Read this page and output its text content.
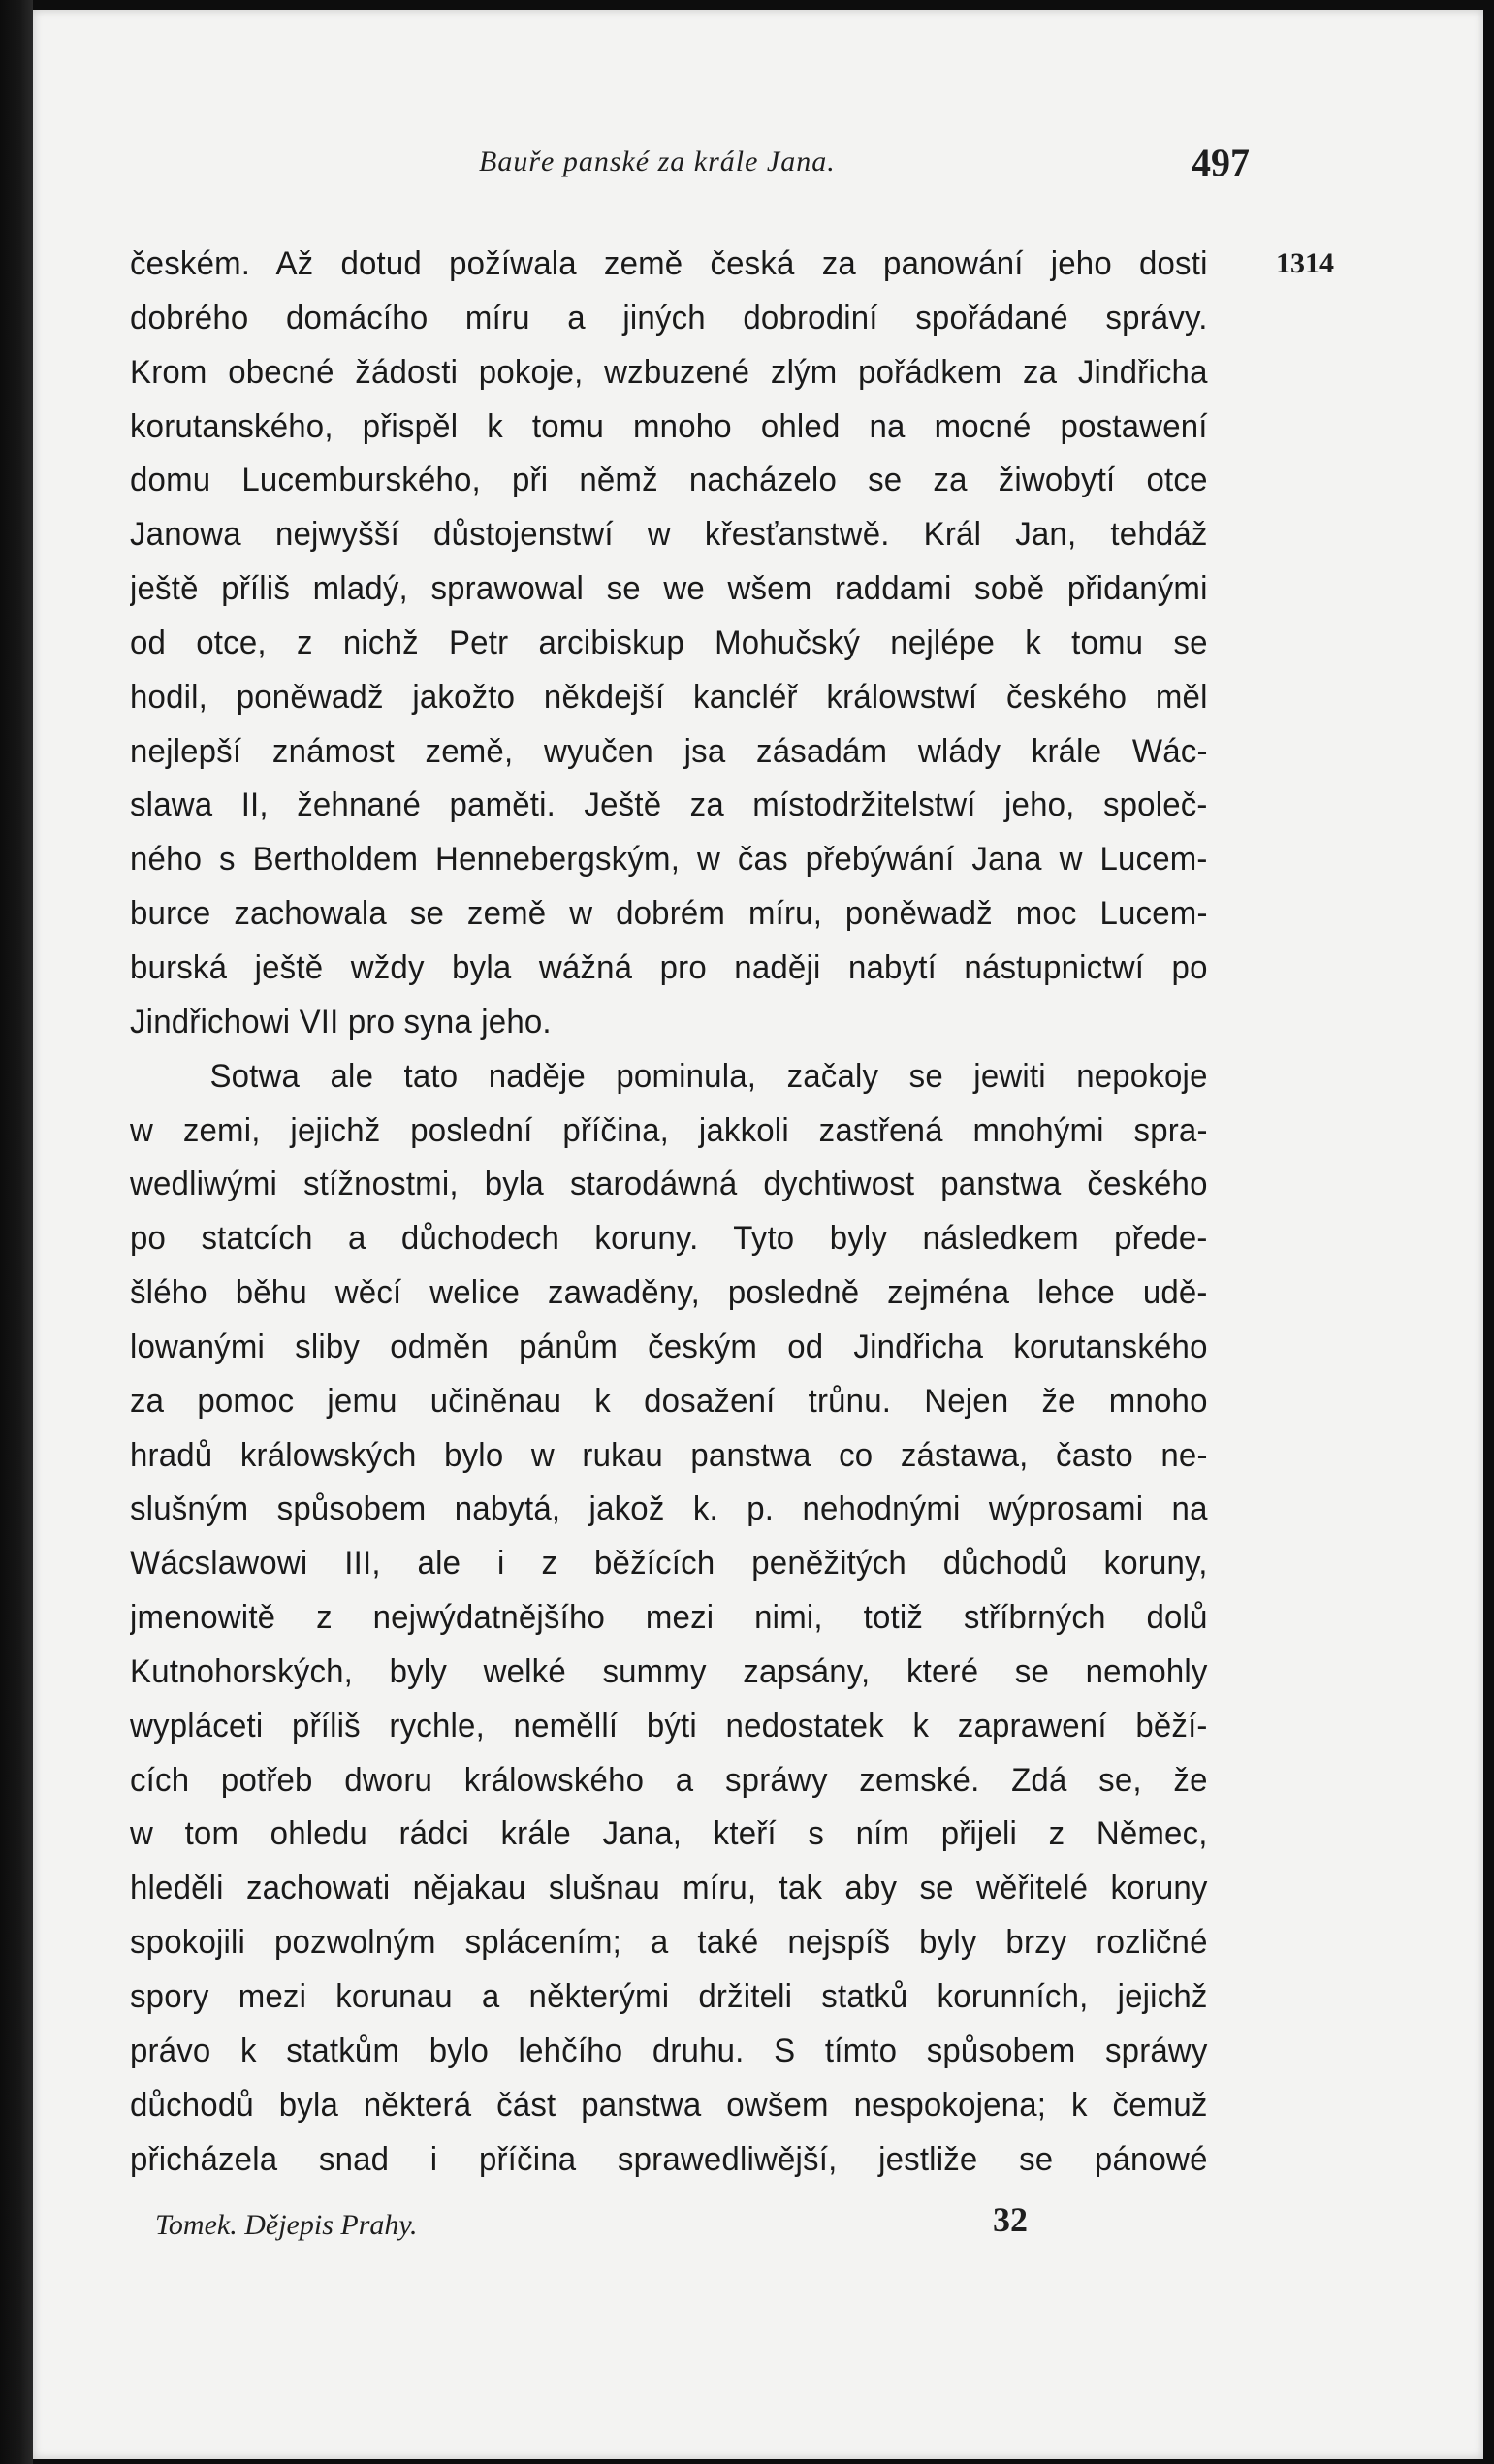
Bauře panské za krále Jana.	497
1314
českém. Až dotud požíwala země česká za panowání jeho dosti
dobrého domácího míru a jiných dobrodiní spořádané správy.
Krom obecné žádosti pokoje, wzbuzené zlým pořádkem za Jindřicha
korutanského, přispěl k tomu mnoho ohled na mocné postawení
domu Lucemburského, při němž nacházelo se za žiwobytí otce
Janowa nejwyšší důstojenstwí w křesťanstwě. Král Jan, tehdáž
ještě příliš mladý, sprawowal se we wšem raddami sobě přidanými
od otce, z nichž Petr arcibiskup Mohučský nejlépe k tomu se
hodil, poněwadž jakožto někdejší kancléř králowstwí českého měl
nejlepší známost země, wyučen jsa zásadám wlády krále Wác-
slawa II, žehnané paměti. Ještě za místodržitelstwí jeho, společ-
ného s Bertholdem Hennebergským, w čas přebýwání Jana w Lucem-
burce zachowala se země w dobrém míru, poněwadž moc Lucem-
burská ještě wždy byla wážná pro naději nabytí nástupnictwí po
Jindřichowi VII pro syna jeho.
Sotwa ale tato naděje pominula, začaly se jewiti nepokoje
w zemi, jejichž poslední příčina, jakkoli zastřená mnohými spra-
wedliwými stížnostmi, byla starodáwná dychtiwost panstwa českého
po statcích a důchodech koruny. Tyto byly následkem přede-
šlého běhu wěcí welice zawaděny, posledně zejména lehce udě-
lowanými sliby odměn pánům českým od Jindřicha korutanského
za pomoc jemu učiněnau k dosažení trůnu. Nejen že mnoho
hradů králowských bylo w rukau panstwa co zástawa, často ne-
slušným spůsobem nabytá, jakož k. p. nehodnými wýprosami na
Wácslawowi III, ale i z běžících peněžitých důchodů koruny,
jmenowitě z nejwýdatnějšího mezi nimi, totiž stříbrných dolů
Kutnohorských, byly welké summy zapsány, které se nemohly
wypláceti příliš rychle, neměllí býti nedostatek k zaprawení běží-
cích potřeb dworu králowského a spráwy zemské. Zdá se, že
w tom ohledu rádci krále Jana, kteří s ním přijeli z Němec,
hleděli zachowati nějakau slušnau míru, tak aby se wěřitelé koruny
spokojili pozwolným splácením; a také nejspíš byly brzy rozličné
spory mezi korunau a některými držiteli statků korunních, jejichž
právo k statkům bylo lehčího druhu. S tímto spůsobem spráwy
důchodů byla některá část panstwa owšem nespokojena; k čemuž
přicházela snad i příčina sprawedliwější, jestliže se pánowé
Tomek. Dějepis Prahy.	32
